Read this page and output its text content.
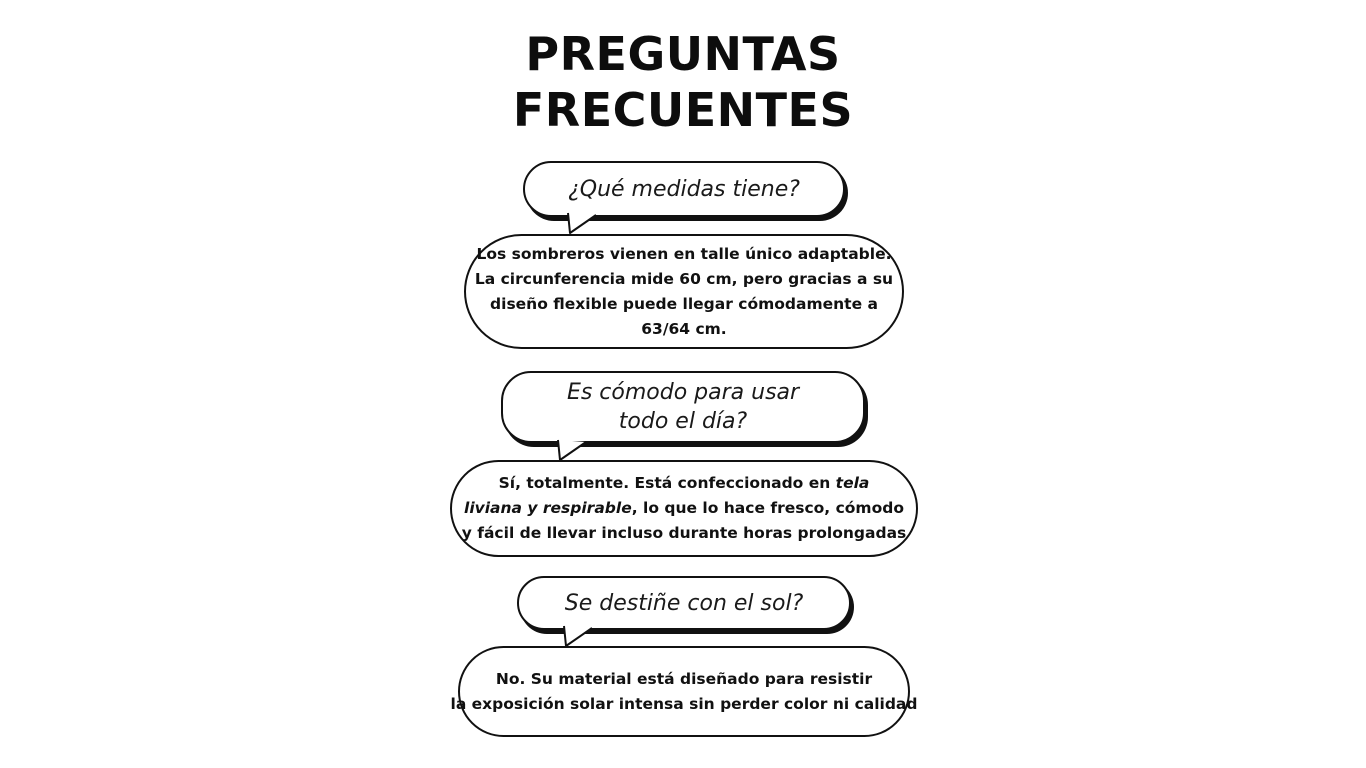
PREGUNTAS
FRECUENTES
¿Qué medidas tiene?
Los sombreros vienen en talle único adaptable.
La circunferencia mide 60 cm, pero gracias a su
diseño flexible puede llegar cómodamente a
63/64 cm.
Es cómodo para usar
todo el día?
Sí, totalmente. Está confeccionado en tela
liviana y respirable, lo que lo hace fresco, cómodo
y fácil de llevar incluso durante horas prolongadas
Se destiñe con el sol?
No. Su material está diseñado para resistir
la exposición solar intensa sin perder color ni calidad
